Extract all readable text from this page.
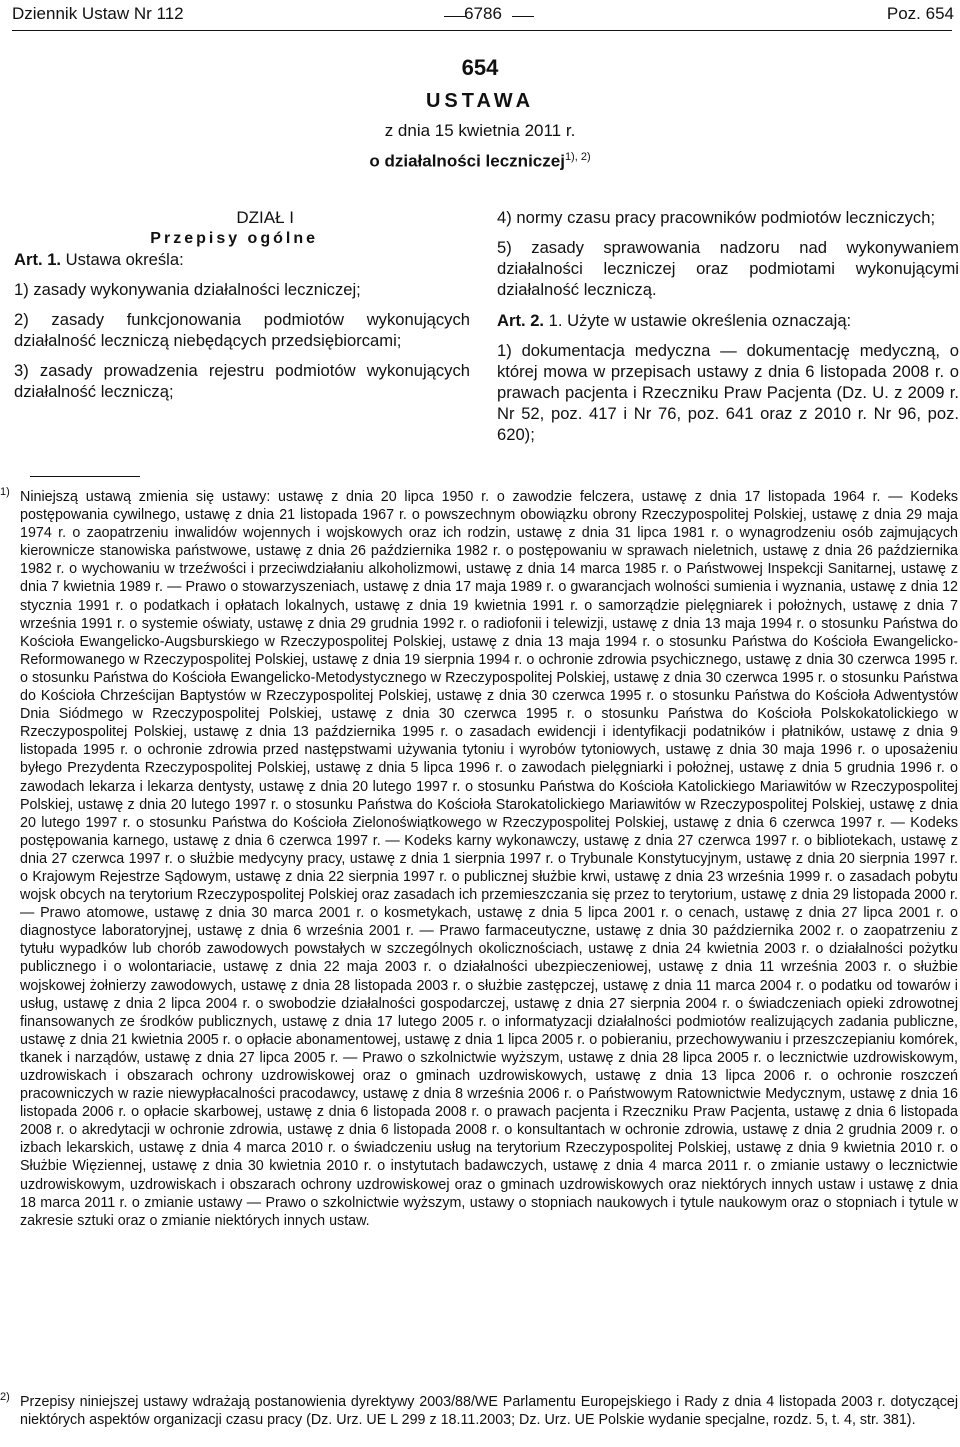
Dziennik Ustaw Nr 112	6786	Poz. 654
654
USTAWA
z dnia 15 kwietnia 2011 r.
o działalności leczniczej$^{1), 2)}$

DZIAŁ I

Przepisy ogólne

Art. 1. Ustawa określa:

1) zasady wykonywania działalności leczniczej;

2) zasady funkcjonowania podmiotów wykonujących działalność leczniczą niebędących przedsiębiorcami;

3) zasady prowadzenia rejestru podmiotów wykonujących działalność leczniczą;

4) normy czasu pracy pracowników podmiotów leczniczych;

5) zasady sprawowania nadzoru nad wykonywaniem działalności leczniczej oraz podmiotami wykonującymi działalność leczniczą.

Art. 2. 1. Użyte w ustawie określenia oznaczają:

1) dokumentacja medyczna — dokumentację medyczną, o której mowa w przepisach ustawy z dnia 6 listopada 2008 r. o prawach pacjenta i Rzeczniku Praw Pacjenta (Dz. U. z 2009 r. Nr 52, poz. 417 i Nr 76, poz. 641 oraz z 2010 r. Nr 96, poz. 620);

1) Niniejszą ustawą zmienia się ustawy: ustawę z dnia 20 lipca 1950 r. o zawodzie felczera, ustawę z dnia 17 listopada 1964 r. — Kodeks postępowania cywilnego, ustawę z dnia 21 listopada 1967 r. o powszechnym obowiązku obrony Rzeczypospolitej Polskiej, ustawę z dnia 29 maja 1974 r. o zaopatrzeniu inwalidów wojennych i wojskowych oraz ich rodzin, ustawę z dnia 31 lipca 1981 r. o wynagrodzeniu osób zajmujących kierownicze stanowiska państwowe, ustawę z dnia 26 października 1982 r. o postępowaniu w sprawach nieletnich, ustawę z dnia 26 października 1982 r. o wychowaniu w trzeźwości i przeciwdziałaniu alkoholizmowi, ustawę z dnia 14 marca 1985 r. o Państwowej Inspekcji Sanitarnej, ustawę z dnia 7 kwietnia 1989 r. — Prawo o stowarzyszeniach, ustawę z dnia 17 maja 1989 r. o gwarancjach wolności sumienia i wyznania, ustawę z dnia 12 stycznia 1991 r. o podatkach i opłatach lokalnych, ustawę z dnia 19 kwietnia 1991 r. o samorządzie pielęgniarek i położnych, ustawę z dnia 7 września 1991 r. o systemie oświaty, ustawę z dnia 29 grudnia 1992 r. o radiofonii i telewizji, ustawę z dnia 13 maja 1994 r. o stosunku Państwa do Kościoła Ewangelicko-Augsburskiego w Rzeczypospolitej Polskiej, ustawę z dnia 13 maja 1994 r. o stosunku Państwa do Kościoła Ewangelicko-Reformowanego w Rzeczypospolitej Polskiej, ustawę z dnia 19 sierpnia 1994 r. o ochronie zdrowia psychicznego, ustawę z dnia 30 czerwca 1995 r. o stosunku Państwa do Kościoła Ewangelicko-Metodystycznego w Rzeczypospolitej Polskiej, ustawę z dnia 30 czerwca 1995 r. o stosunku Państwa do Kościoła Chrześcijan Baptystów w Rzeczypospolitej Polskiej, ustawę z dnia 30 czerwca 1995 r. o stosunku Państwa do Kościoła Adwentystów Dnia Siódmego w Rzeczypospolitej Polskiej, ustawę z dnia 30 czerwca 1995 r. o stosunku Państwa do Kościoła Polskokatolickiego w Rzeczypospolitej Polskiej, ustawę z dnia 13 października 1995 r. o zasadach ewidencji i identyfikacji podatników i płatników, ustawę z dnia 9 listopada 1995 r. o ochronie zdrowia przed następstwami używania tytoniu i wyrobów tytoniowych, ustawę z dnia 30 maja 1996 r. o uposażeniu byłego Prezydenta Rzeczypospolitej Polskiej, ustawę z dnia 5 lipca 1996 r. o zawodach pielęgniarki i położnej, ustawę z dnia 5 grudnia 1996 r. o zawodach lekarza i lekarza dentysty, ustawę z dnia 20 lutego 1997 r. o stosunku Państwa do Kościoła Katolickiego Mariawitów w Rzeczypospolitej Polskiej, ustawę z dnia 20 lutego 1997 r. o stosunku Państwa do Kościoła Starokatolickiego Mariawitów w Rzeczypospolitej Polskiej, ustawę z dnia 20 lutego 1997 r. o stosunku Państwa do Kościoła Zielonoświątkowego w Rzeczypospolitej Polskiej, ustawę z dnia 6 czerwca 1997 r. — Kodeks postępowania karnego, ustawę z dnia 6 czerwca 1997 r. — Kodeks karny wykonawczy, ustawę z dnia 27 czerwca 1997 r. o bibliotekach, ustawę z dnia 27 czerwca 1997 r. o służbie medycyny pracy, ustawę z dnia 1 sierpnia 1997 r. o Trybunale Konstytucyjnym, ustawę z dnia 20 sierpnia 1997 r. o Krajowym Rejestrze Sądowym, ustawę z dnia 22 sierpnia 1997 r. o publicznej służbie krwi, ustawę z dnia 23 września 1999 r. o zasadach pobytu wojsk obcych na terytorium Rzeczypospolitej Polskiej oraz zasadach ich przemieszczania się przez to terytorium, ustawę z dnia 29 listopada 2000 r. — Prawo atomowe, ustawę z dnia 30 marca 2001 r. o kosmetykach, ustawę z dnia 5 lipca 2001 r. o cenach, ustawę z dnia 27 lipca 2001 r. o diagnostyce laboratoryjnej, ustawę z dnia 6 września 2001 r. — Prawo farmaceutyczne, ustawę z dnia 30 października 2002 r. o zaopatrzeniu z tytułu wypadków lub chorób zawodowych powstałych w szczególnych okolicznościach, ustawę z dnia 24 kwietnia 2003 r. o działalności pożytku publicznego i o wolontariacie, ustawę z dnia 22 maja 2003 r. o działalności ubezpieczeniowej, ustawę z dnia 11 września 2003 r. o służbie wojskowej żołnierzy zawodowych, ustawę z dnia 28 listopada 2003 r. o służbie zastępczej, ustawę z dnia 11 marca 2004 r. o podatku od towarów i usług, ustawę z dnia 2 lipca 2004 r. o swobodzie działalności gospodarczej, ustawę z dnia 27 sierpnia 2004 r. o świadczeniach opieki zdrowotnej finansowanych ze środków publicznych, ustawę z dnia 17 lutego 2005 r. o informatyzacji działalności podmiotów realizujących zadania publiczne, ustawę z dnia 21 kwietnia 2005 r. o opłacie abonamentowej, ustawę z dnia 1 lipca 2005 r. o pobieraniu, przechowywaniu i przeszczepianiu komórek, tkanek i narządów, ustawę z dnia 27 lipca 2005 r. — Prawo o szkolnictwie wyższym, ustawę z dnia 28 lipca 2005 r. o lecznictwie uzdrowiskowym, uzdrowiskach i obszarach ochrony uzdrowiskowej oraz o gminach uzdrowiskowych, ustawę z dnia 13 lipca 2006 r. o ochronie roszczeń pracowniczych w razie niewypłacalności pracodawcy, ustawę z dnia 8 września 2006 r. o Państwowym Ratownictwie Medycznym, ustawę z dnia 16 listopada 2006 r. o opłacie skarbowej, ustawę z dnia 6 listopada 2008 r. o prawach pacjenta i Rzeczniku Praw Pacjenta, ustawę z dnia 6 listopada 2008 r. o akredytacji w ochronie zdrowia, ustawę z dnia 6 listopada 2008 r. o konsultantach w ochronie zdrowia, ustawę z dnia 2 grudnia 2009 r. o izbach lekarskich, ustawę z dnia 4 marca 2010 r. o świadczeniu usług na terytorium Rzeczypospolitej Polskiej, ustawę z dnia 9 kwietnia 2010 r. o Służbie Więziennej, ustawę z dnia 30 kwietnia 2010 r. o instytutach badawczych, ustawę z dnia 4 marca 2011 r. o zmianie ustawy o lecznictwie uzdrowiskowym, uzdrowiskach i obszarach ochrony uzdrowiskowej oraz o gminach uzdrowiskowych oraz niektórych innych ustaw i ustawę z dnia 18 marca 2011 r. o zmianie ustawy — Prawo o szkolnictwie wyższym, ustawy o stopniach naukowych i tytule naukowym oraz o stopniach i tytule w zakresie sztuki oraz o zmianie niektórych innych ustaw.
2) Przepisy niniejszej ustawy wdrażają postanowienia dyrektywy 2003/88/WE Parlamentu Europejskiego i Rady z dnia 4 listopada 2003 r. dotyczącej niektórych aspektów organizacji czasu pracy (Dz. Urz. UE L 299 z 18.11.2003; Dz. Urz. UE Polskie wydanie specjalne, rozdz. 5, t. 4, str. 381).
